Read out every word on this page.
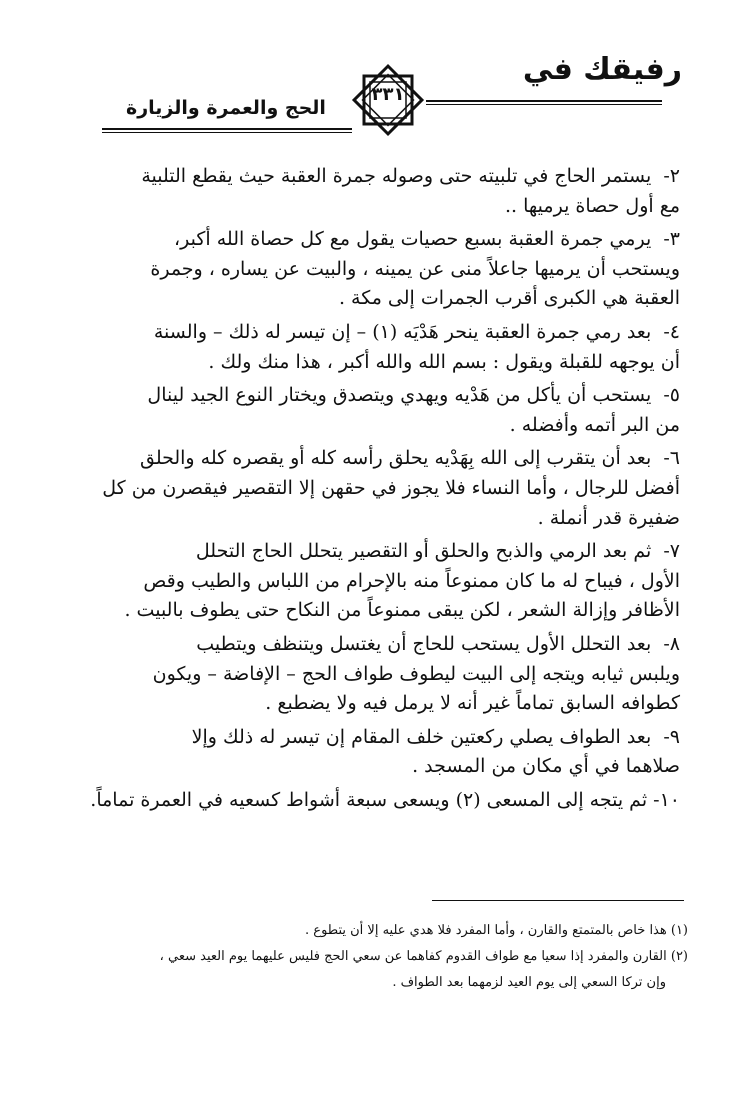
رفيقك في
الحج والعمرة والزيارة
٣٣١

٢-  يستمر الحاج في تلبيته حتى وصوله جمرة العقبة حيث يقطع التلبية

مع أول حصاة يرميها ..

٣-  يرمي جمرة العقبة بسبع حصيات يقول مع كل حصاة الله أكبر،

ويستحب أن يرميها جاعلاً منى عن يمينه ، والبيت عن يساره ، وجمرة

العقبة هي الكبرى أقرب الجمرات إلى مكة .

٤-  بعد رمي جمرة العقبة ينحر هَدْيَه (١) – إن تيسر له ذلك – والسنة

أن يوجهه للقبلة ويقول : بسم الله والله أكبر ، هذا منك ولك .

٥-  يستحب أن يأكل من هَدْيه ويهدي ويتصدق ويختار النوع الجيد لينال

من البر أتمه وأفضله .

٦-  بعد أن يتقرب إلى الله بِهَدْيه يحلق رأسه كله أو يقصره كله والحلق

أفضل للرجال ، وأما النساء فلا يجوز في حقهن إلا التقصير فيقصرن من كل

ضفيرة قدر أنملة .

٧-  ثم بعد الرمي والذبح والحلق أو التقصير يتحلل الحاج التحلل

الأول ، فيباح له ما كان ممنوعاً منه بالإحرام من اللباس والطيب وقص

الأظافر وإزالة الشعر ، لكن يبقى ممنوعاً من النكاح حتى يطوف بالبيت .

٨-  بعد التحلل الأول يستحب للحاج أن يغتسل ويتنظف ويتطيب

ويلبس ثيابه ويتجه إلى البيت ليطوف طواف الحج – الإفاضة – ويكون

كطوافه السابق تماماً غير أنه لا يرمل فيه ولا يضطبع .

٩-  بعد الطواف يصلي ركعتين خلف المقام إن تيسر له ذلك وإلا

صلاهما في أي مكان من المسجد .

١٠- ثم يتجه إلى المسعى (٢) ويسعى سبعة أشواط كسعيه في العمرة تماماً.

(١) هذا خاص بالمتمتع والقارن ، وأما المفرد فلا هدي عليه إلا أن يتطوع .
(٢) القارن والمفرد إذا سعيا مع طواف القدوم كفاهما عن سعي الحج فليس عليهما يوم العيد سعي ،
وإن تركا السعي إلى يوم العيد لزمهما بعد الطواف .
